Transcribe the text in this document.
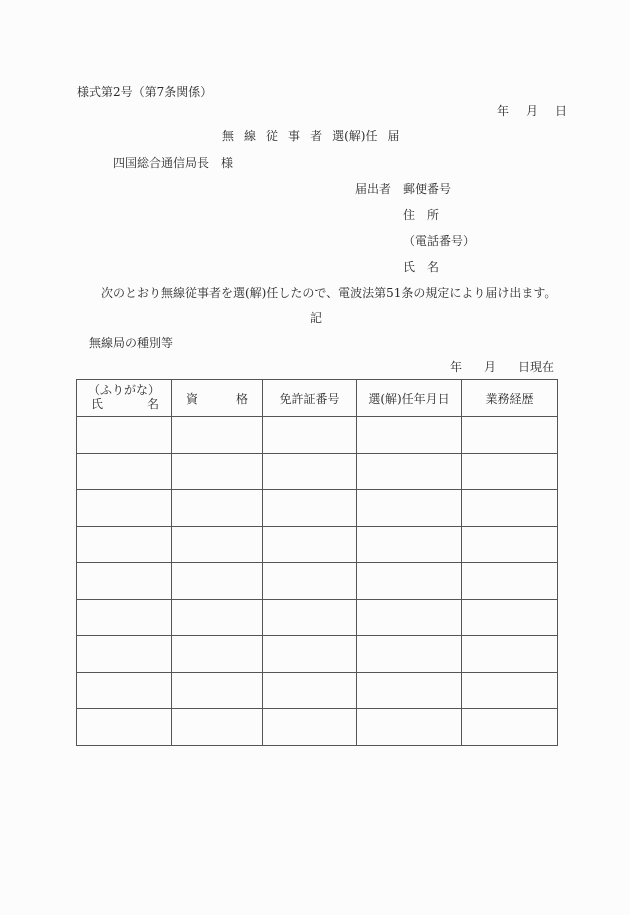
様式第2号（第7条関係）
年 月 日
無 線 従 事 者 選(解)任 届
四国総合通信局長　様
届出者 郵便番号
住　所
（電話番号）
氏　名
次のとおり無線従事者を選(解)任したので、電波法第51条の規定により届け出ます。
記
無線局の種別等
年 月 日現在
（ふりがな）
氏 名	資 格	免許証番号	選(解)任年月日	業務経歴
